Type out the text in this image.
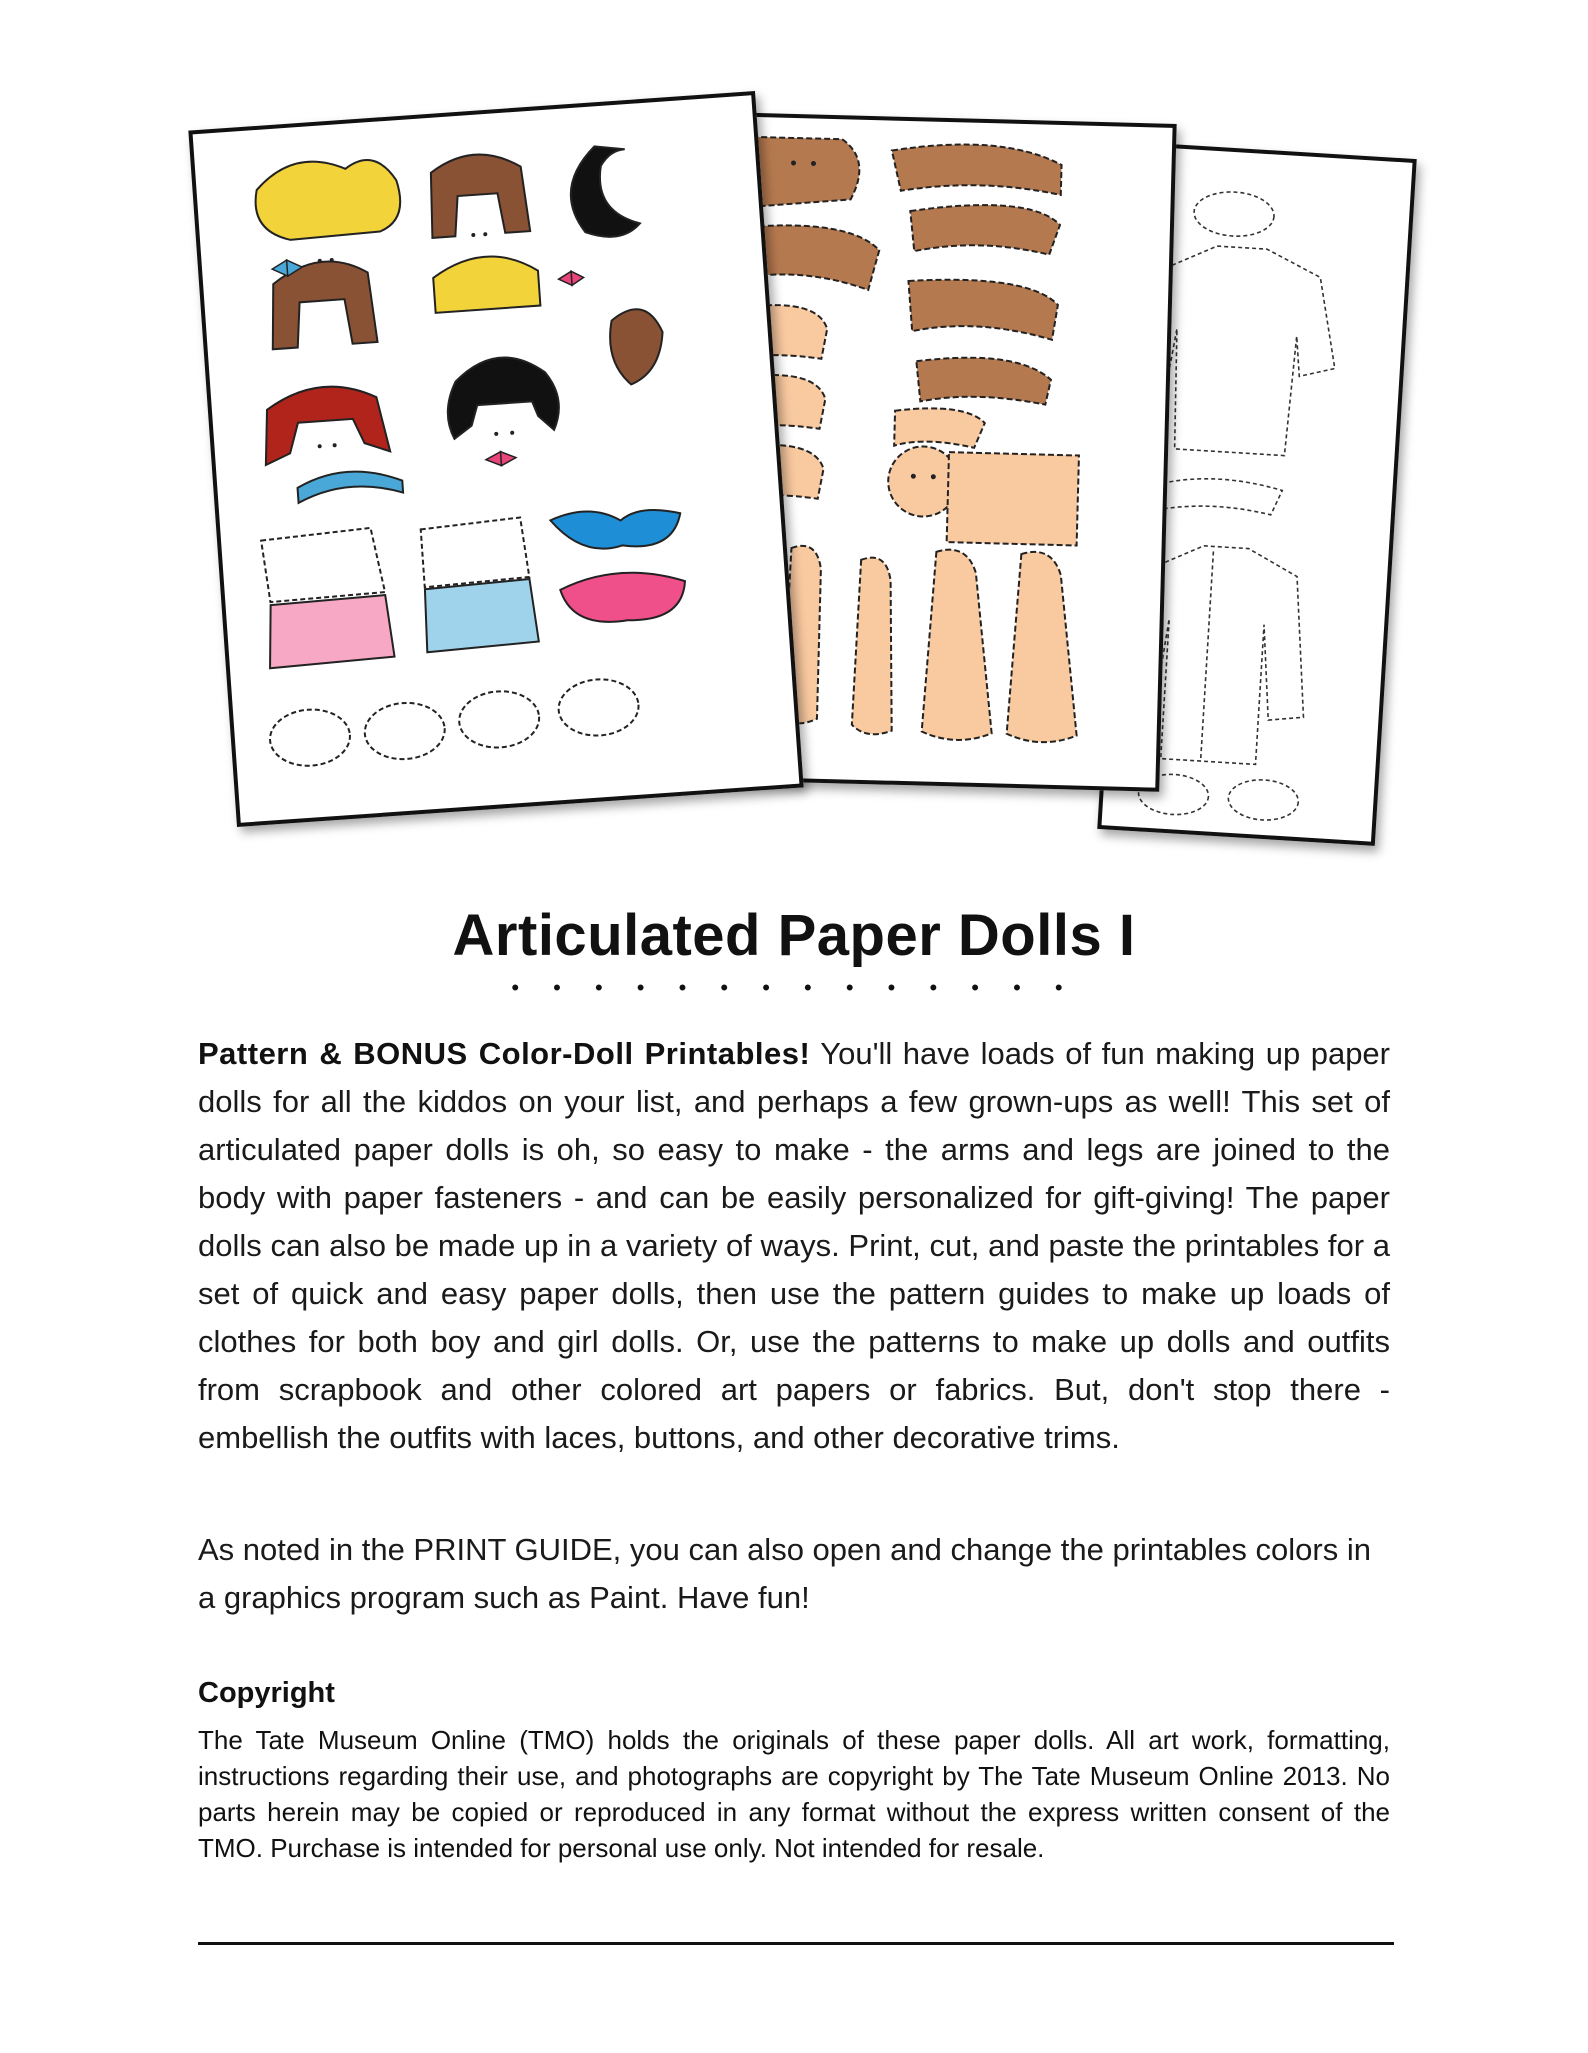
Articulated Paper Dolls I
• • • • • • • • • • • • • •

Pattern & BONUS Color-Doll Printables! You'll have loads of fun making up paper dolls for all the kiddos on your list, and perhaps a few grown-ups as well! This set of articulated paper dolls is oh, so easy to make - the arms and legs are joined to the body with paper fasteners - and can be easily personalized for gift-giving! The paper dolls can also be made up in a variety of ways. Print, cut, and paste the printables for a set of quick and easy paper dolls, then use the pattern guides to make up loads of clothes for both boy and girl dolls. Or, use the patterns to make up dolls and outfits from scrapbook and other colored art papers or fabrics. But, don't stop there - embellish the outfits with laces, buttons, and other decorative trims.

As noted in the PRINT GUIDE, you can also open and change the printables colors in a graphics program such as Paint. Have fun!

Copyright

The Tate Museum Online (TMO) holds the originals of these paper dolls. All art work, formatting, instructions regarding their use, and photographs are copyright by The Tate Museum Online 2013. No parts herein may be copied or reproduced in any format without the express written consent of the TMO. Purchase is intended for personal use only. Not intended for resale.
